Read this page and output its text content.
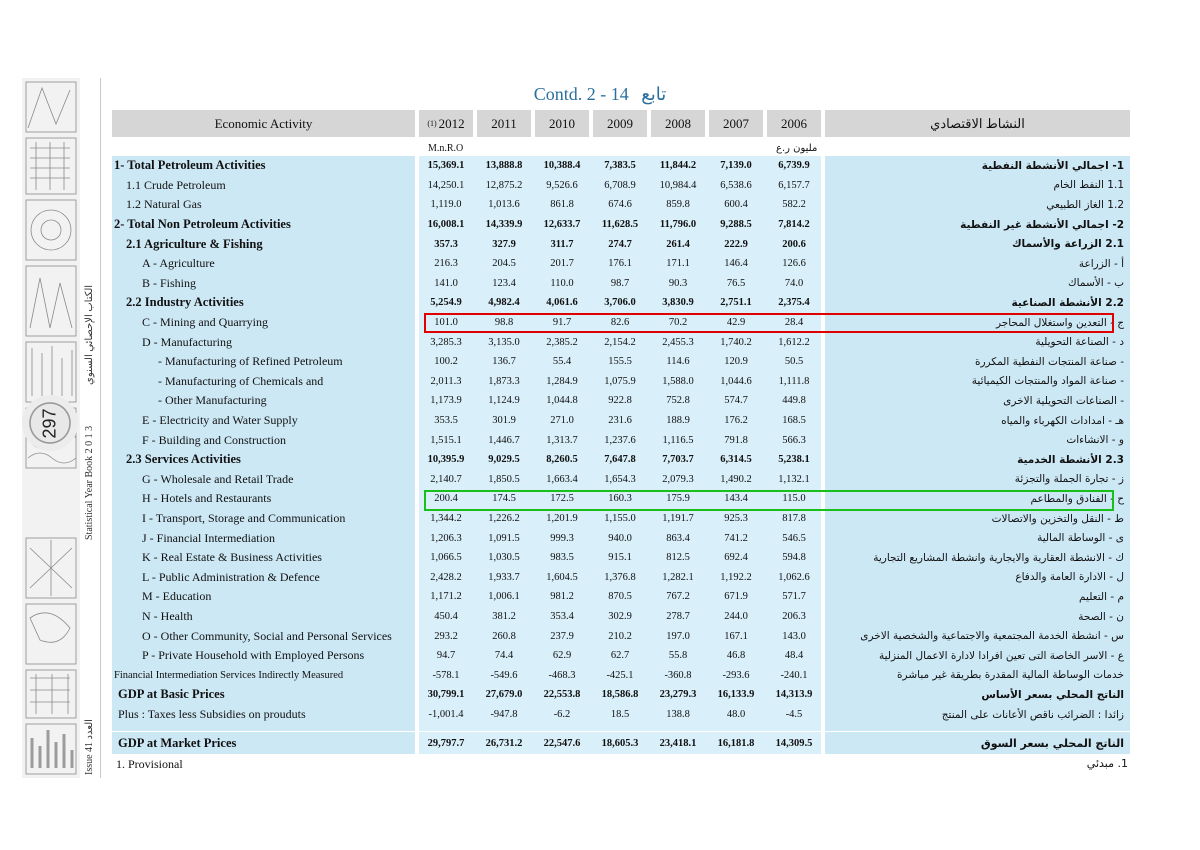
297
Statistical Year Book 2 0 1 3
الكتاب الإحصائي السنوي
Issue 41 العدد
Contd. 2 - 14 تابع
Economic Activity	(1) 2012	2011	2010	2009	2008	2007	2006	النشاط الاقتصادي
M.n.R.O	مليون ر.ع
1- Total Petroleum Activities	15,369.1	13,888.8	10,388.4	7,383.5	11,844.2	7,139.0	6,739.9	1- اجمالي الأنشطة النفطية
1.1 Crude Petroleum	14,250.1	12,875.2	9,526.6	6,708.9	10,984.4	6,538.6	6,157.7	1.1 النفط الخام
1.2 Natural Gas	1,119.0	1,013.6	861.8	674.6	859.8	600.4	582.2	1.2 الغاز الطبيعي
2- Total Non Petroleum Activities	16,008.1	14,339.9	12,633.7	11,628.5	11,796.0	9,288.5	7,814.2	2- اجمالي الأنشطة غير النفطية
2.1 Agriculture & Fishing	357.3	327.9	311.7	274.7	261.4	222.9	200.6	2.1 الزراعة والأسماك
A - Agriculture	216.3	204.5	201.7	176.1	171.1	146.4	126.6	أ - الزراعة
B - Fishing	141.0	123.4	110.0	98.7	90.3	76.5	74.0	ب - الأسماك
2.2 Industry Activities	5,254.9	4,982.4	4,061.6	3,706.0	3,830.9	2,751.1	2,375.4	2.2 الأنشطة الصناعية
C - Mining and Quarrying	101.0	98.8	91.7	82.6	70.2	42.9	28.4	ج - التعدين واستغلال المحاجر
D - Manufacturing	3,285.3	3,135.0	2,385.2	2,154.2	2,455.3	1,740.2	1,612.2	د - الصناعة التحويلية
- Manufacturing of Refined Petroleum	100.2	136.7	55.4	155.5	114.6	120.9	50.5	- صناعة المنتجات النفطية المكررة
- Manufacturing of Chemicals and	2,011.3	1,873.3	1,284.9	1,075.9	1,588.0	1,044.6	1,111.8	- صناعة المواد والمنتجات الكيميائية
- Other Manufacturing	1,173.9	1,124.9	1,044.8	922.8	752.8	574.7	449.8	- الصناعات التحويلية الاخرى
E - Electricity and Water Supply	353.5	301.9	271.0	231.6	188.9	176.2	168.5	هـ - امدادات الكهرباء والمياه
F - Building and Construction	1,515.1	1,446.7	1,313.7	1,237.6	1,116.5	791.8	566.3	و - الانشاءات
2.3 Services Activities	10,395.9	9,029.5	8,260.5	7,647.8	7,703.7	6,314.5	5,238.1	2.3 الأنشطة الخدمية
G - Wholesale and Retail Trade	2,140.7	1,850.5	1,663.4	1,654.3	2,079.3	1,490.2	1,132.1	ز - تجارة الجملة والتجزئة
H - Hotels and Restaurants	200.4	174.5	172.5	160.3	175.9	143.4	115.0	ح - الفنادق والمطاعم
I - Transport, Storage and Communication	1,344.2	1,226.2	1,201.9	1,155.0	1,191.7	925.3	817.8	ط - النقل والتخزين والاتصالات
J - Financial Intermediation	1,206.3	1,091.5	999.3	940.0	863.4	741.2	546.5	ى - الوساطة المالية
K - Real Estate & Business Activities	1,066.5	1,030.5	983.5	915.1	812.5	692.4	594.8	ك - الانشطة العقارية والايجارية وانشطة المشاريع التجارية
L - Public Administration & Defence	2,428.2	1,933.7	1,604.5	1,376.8	1,282.1	1,192.2	1,062.6	ل - الادارة العامة والدفاع
M - Education	1,171.2	1,006.1	981.2	870.5	767.2	671.9	571.7	م - التعليم
N - Health	450.4	381.2	353.4	302.9	278.7	244.0	206.3	ن - الصحة
O - Other Community, Social and Personal Services	293.2	260.8	237.9	210.2	197.0	167.1	143.0	س - انشطة الخدمة المجتمعية والاجتماعية والشخصية الاخرى
P - Private Household with Employed Persons	94.7	74.4	62.9	62.7	55.8	46.8	48.4	ع - الاسر الخاصة التى تعين افرادا لادارة الاعمال المنزلية
Financial Intermediation Services Indirectly Measured	-578.1	-549.6	-468.3	-425.1	-360.8	-293.6	-240.1	خدمات الوساطة المالية المقدرة بطريقة غير مباشرة
GDP at Basic Prices	30,799.1	27,679.0	22,553.8	18,586.8	23,279.3	16,133.9	14,313.9	الناتج المحلي بسعر الأساس
Plus : Taxes less Subsidies on prouduts	-1,001.4	-947.8	-6.2	18.5	138.8	48.0	-4.5	زائدا : الضرائب ناقص الأعانات على المنتج
GDP at Market Prices	29,797.7	26,731.2	22,547.6	18,605.3	23,418.1	16,181.8	14,309.5	الناتج المحلي بسعر السوق
1. Provisional	1. مبدئي
